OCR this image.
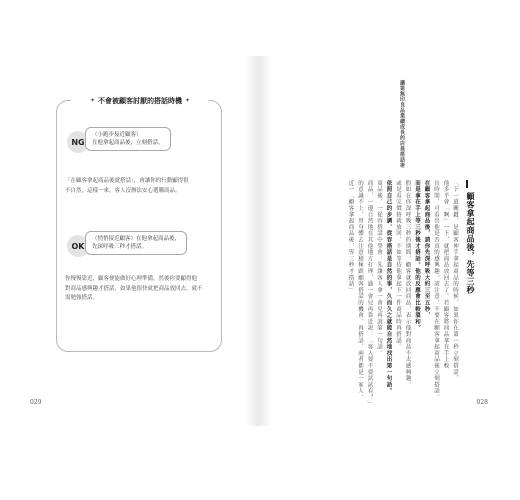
✦ 不會被顧客討厭的搭話時機 ✦
NG

（小跑步接近顧客）

在他拿起商品後，立刻搭話。

「在顧客拿起商品後就搭話」，會讓你的行動顯得很

不自然，這樣一來，客人沒辦法安心選購商品。

OK

（悄悄接近顧客）在他拿起商品後，

先深呼吸三秒才搭話。

你慢慢靠近，顧客便能做好心理準備，然後你要顯得他

對商品感興趣才搭話，如果他很快就把商品放回去，就不

需勉強搭話。

029
讓第無印良品業績成長的店員搭話術
顧客拿起商品後，先等三秒
「下一道關鍵，是顧客伸手拿起商品的時候，如果你在第一秒立刻搭話，
他多半會「啊」一下，就把商品放回去了。若顧客將商品拿在手上較
長時間，可看出他是否真的感興趣。請注意，不要在顧客拿起商品後立刻搭話。
在顧客拿起商品後，請你先深呼吸大約三至五秒，
而是拿在手上等三秒後才搭話。他的反應會比較溫和。
假如在你深呼吸三秒的期間，顧客就放回商品，表示他對商品不太感興趣，
或是看完價格就放回，不如等待他拿起下一件商品時再搭話。
依照自己的步調、從容搭話是自然的事，久而久之就能自然地找出第一句話。
商品後，一從容搭話中學會：先讓客人拿一會兒再說第一句話。
商品，一邊自然地在其他地方打理，過一會兒再靠近說：「客人要不要試試看？」
的意識不上，用身體去注意積極跟顧客搭話的機會，再搭話，兩者都是一家人。
近一「顧客拿起商品後，等三秒才搭話」
028
